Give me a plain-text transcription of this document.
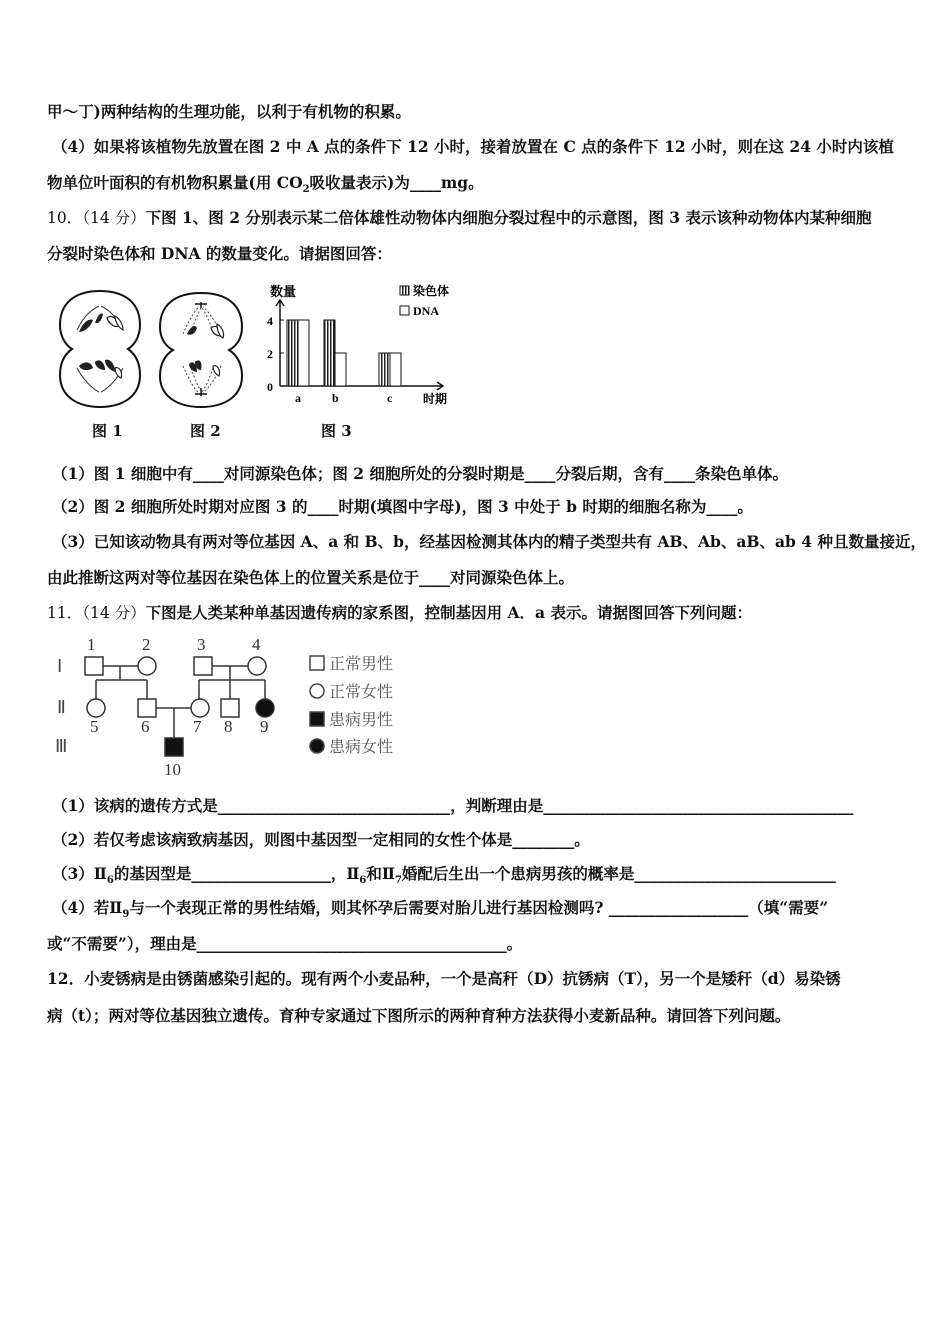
甲～丁)两种结构的生理功能，以利于有机物的积累。
（4）如果将该植物先放置在图 2 中 A 点的条件下 12 小时，接着放置在 C 点的条件下 12 小时，则在这 24 小时内该植
物单位叶面积的有机物积累量(用 $CO_2$吸收量表示)为____mg。
10．（14 分）下图 1、图 2 分别表示某二倍体雄性动物体内细胞分裂过程中的示意图，图 3 表示该种动物体内某种细胞
分裂时染色体和 DNA 的数量变化。请据图回答：
数量
时期
0
2
4
a	b	c
染色体
DNA
图 1	图 2	图 3
（1）图 1 细胞中有____对同源染色体；图 2 细胞所处的分裂时期是____分裂后期，含有____条染色单体。
（2）图 2 细胞所处时期对应图 3 的____时期(填图中字母)，图 3 中处于 b 时期的细胞名称为____。
（3）已知该动物具有两对等位基因 A、a 和 B、b，经基因检测其体内的精子类型共有 AB、Ab、aB、ab 4 种且数量接近，
由此推断这两对等位基因在染色体上的位置关系是位于____对同源染色体上。
11．（14 分）下图是人类某种单基因遗传病的家系图，控制基因用 A．a 表示。请据图回答下列问题：
Ⅰ
Ⅱ
Ⅲ
1	2	3	4
5	6	7 8 9
10
正常男性
正常女性
患病男性
患病女性
（1）该病的遗传方式是______________________________，判断理由是________________________________________
（2）若仅考虑该病致病基因，则图中基因型一定相同的女性个体是________。
$(3)Ⅱ_6$的基因型是__________________，$Ⅱ_6$和$Ⅱ_7$婚配后生出一个患病男孩的概率是__________________________
（4）若$Ⅱ_9$与一个表现正常的男性结婚，则其怀孕后需要对胎儿进行基因检测吗? __________________（填“需要”
或“不需要”），理由是________________________________________。
12．小麦锈病是由锈菌感染引起的。现有两个小麦品种，一个是高秆（D）抗锈病（T），另一个是矮秆（d）易染锈
病（t）；两对等位基因独立遗传。育种专家通过下图所示的两种育种方法获得小麦新品种。请回答下列问题。
